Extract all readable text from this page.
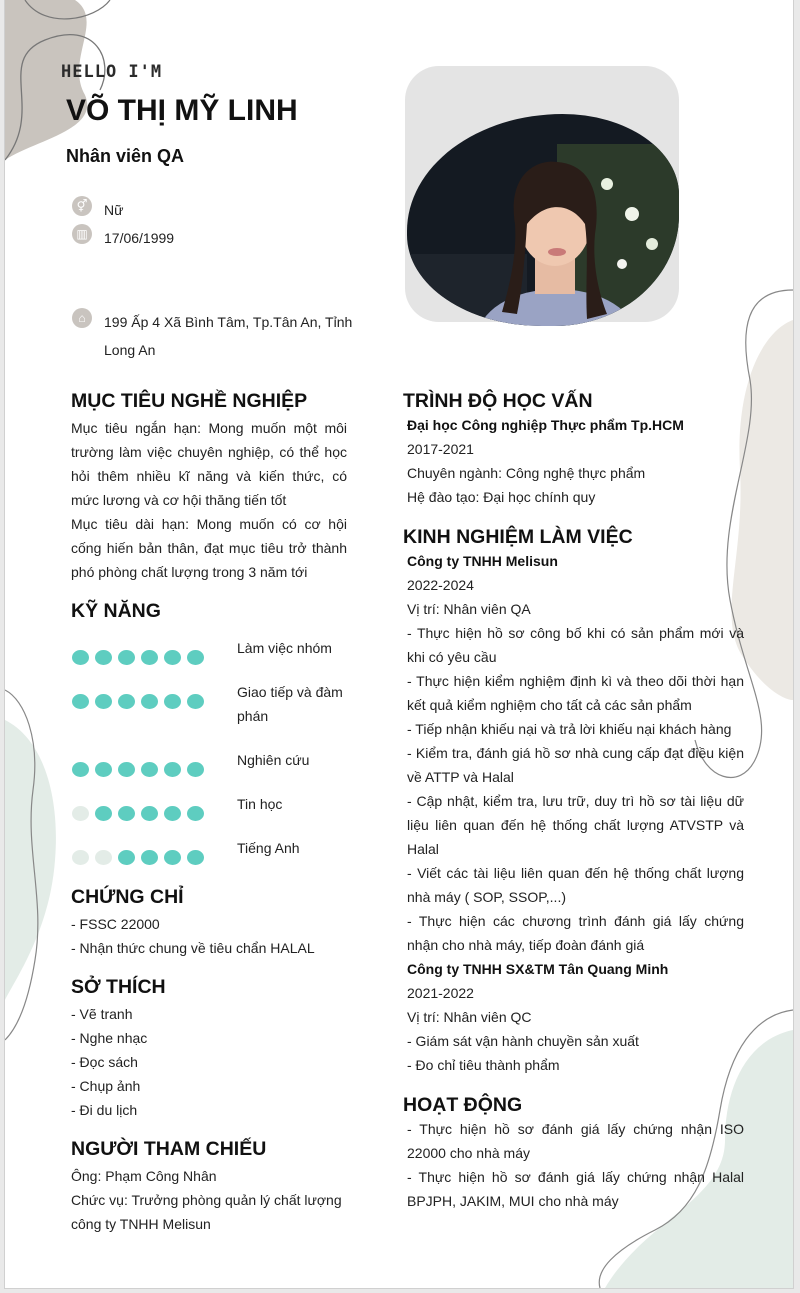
HELLO I'M
VÕ THỊ MỸ LINH
Nhân viên QA
⚥	Nữ
▥	17/06/1999
⌂	199 Ấp 4 Xã Bình Tâm, Tp.Tân An, Tỉnh
Long An
MỤC TIÊU NGHỀ NGHIỆP
Mục tiêu ngắn hạn: Mong muốn một môi trường làm việc chuyên nghiệp, có thể học hỏi thêm nhiều kĩ năng và kiến thức, có mức lương và cơ hội thăng tiến tốt
Mục tiêu dài hạn: Mong muốn có cơ hội cống hiến bản thân, đạt mục tiêu trở thành phó phòng chất lượng trong 3 năm tới
KỸ NĂNG
Làm việc nhóm
Giao tiếp và đàm phán
Nghiên cứu
Tin học
Tiếng Anh
CHỨNG CHỈ
- FSSC 22000
- Nhận thức chung về tiêu chẩn HALAL
SỞ THÍCH
- Vẽ tranh
- Nghe nhạc
- Đọc sách
- Chụp ảnh
- Đi du lịch
NGƯỜI THAM CHIẾU
Ông: Phạm Công Nhân
Chức vụ: Trưởng phòng quản lý chất lượng
công ty TNHH Melisun
TRÌNH ĐỘ HỌC VẤN
Đại học Công nghiệp Thực phẩm Tp.HCM
2017-2021
Chuyên ngành: Công nghệ thực phẩm
Hệ đào tạo: Đại học chính quy
KINH NGHIỆM LÀM VIỆC
Công ty TNHH Melisun
2022-2024
Vị trí: Nhân viên QA
- Thực hiện hồ sơ công bố khi có sản phẩm mới và khi có yêu cầu
- Thực hiện kiểm nghiệm định kì và theo dõi thời hạn kết quả kiểm nghiệm cho tất cả các sản phẩm
- Tiếp nhận khiếu nại và trả lời khiếu nại khách hàng
- Kiểm tra, đánh giá hồ sơ nhà cung cấp đạt điều kiện về ATTP và Halal
- Cập nhật, kiểm tra, lưu trữ, duy trì hồ sơ tài liệu dữ liệu liên quan đến hệ thống chất lượng ATVSTP và Halal
- Viết các tài liệu liên quan đến hệ thống chất lượng nhà máy ( SOP, SSOP,...)
- Thực hiện các chương trình đánh giá lấy chứng nhận cho nhà máy, tiếp đoàn đánh giá
Công ty TNHH SX&TM Tân Quang Minh
2021-2022
Vị trí: Nhân viên QC
- Giám sát vận hành chuyền sản xuất
- Đo chỉ tiêu thành phẩm
HOẠT ĐỘNG
- Thực hiện hồ sơ đánh giá lấy chứng nhận ISO 22000 cho nhà máy
- Thực hiện hồ sơ đánh giá lấy chứng nhận Halal BPJPH, JAKIM, MUI cho nhà máy
